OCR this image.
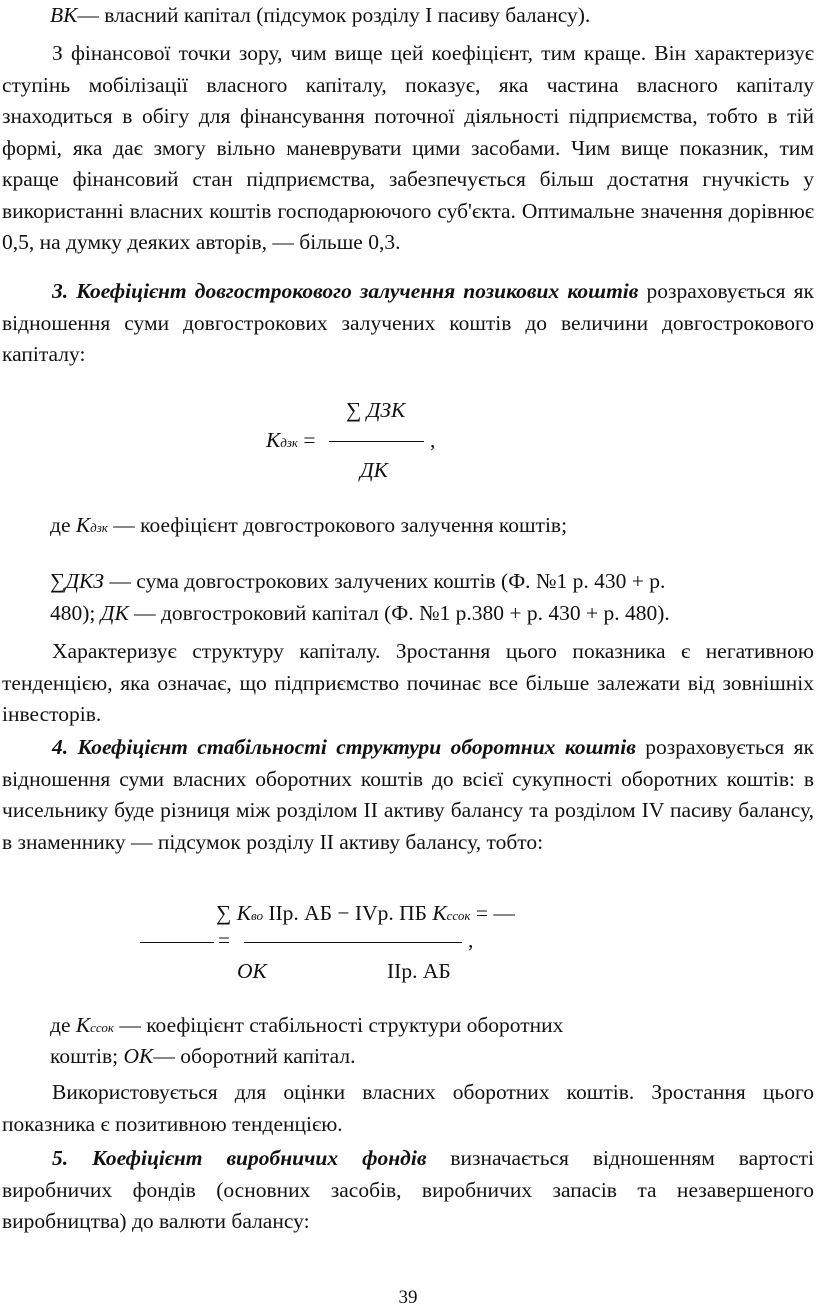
ВК— власний капітал (підсумок розділу І пасиву балансу).

З фінансової точки зору, чим вище цей коефіцієнт, тим краще. Він характеризує ступінь мобілізації власного капіталу, показує, яка частина власного капіталу знаходиться в обігу для фінансування поточної діяльності підприємства, тобто в тій формі, яка дає змогу вільно маневрувати цими засобами. Чим вище показник, тим краще фінансовий стан підприємства, забезпечується більш достатня гнучкість у використанні власних коштів господарюючого суб'єкта. Оптимальне значення дорівнює 0,5, на думку деяких авторів, — більше 0,3.

3. Коефіцієнт довгострокового залучення позикових коштів розраховується як відношення суми довгострокових залучених коштів до величини довгострокового капіталу:

∑ ДЗК
Кдзк =	,
ДК
де Кдзк — коефіцієнт довгострокового залучення коштів;
∑ДКЗ — сума довгострокових залучених коштів (Ф. №1 р. 430 + р.
480); ДК — довгостроковий капітал (Ф. №1 р.380 + р. 430 + р. 480).

Характеризує структуру капіталу. Зростання цього показника є негативною тенденцією, яка означає, що підприємство починає все більше залежати від зовнішніх інвесторів.

4. Коефіцієнт стабільності структури оборотних коштів розраховується як відношення суми власних оборотних коштів до всієї сукупності оборотних коштів: в чисельнику буде різниця між розділом ІІ активу балансу та розділом IV пасиву балансу, в знаменнику — підсумок розділу ІІ активу балансу, тобто:

∑ Кво ІІр. АБ − IVр. ПБ Кссок = —
=	,
ОК	ІІр. АБ
де Кссок — коефіцієнт стабільності структури оборотних
коштів; ОК— оборотний капітал.

Використовується для оцінки власних оборотних коштів. Зростання цього показника є позитивною тенденцією.

5. Коефіцієнт виробничих фондів визначається відношенням вартості виробничих фондів (основних засобів, виробничих запасів та незавершеного виробництва) до валюти балансу:

39
